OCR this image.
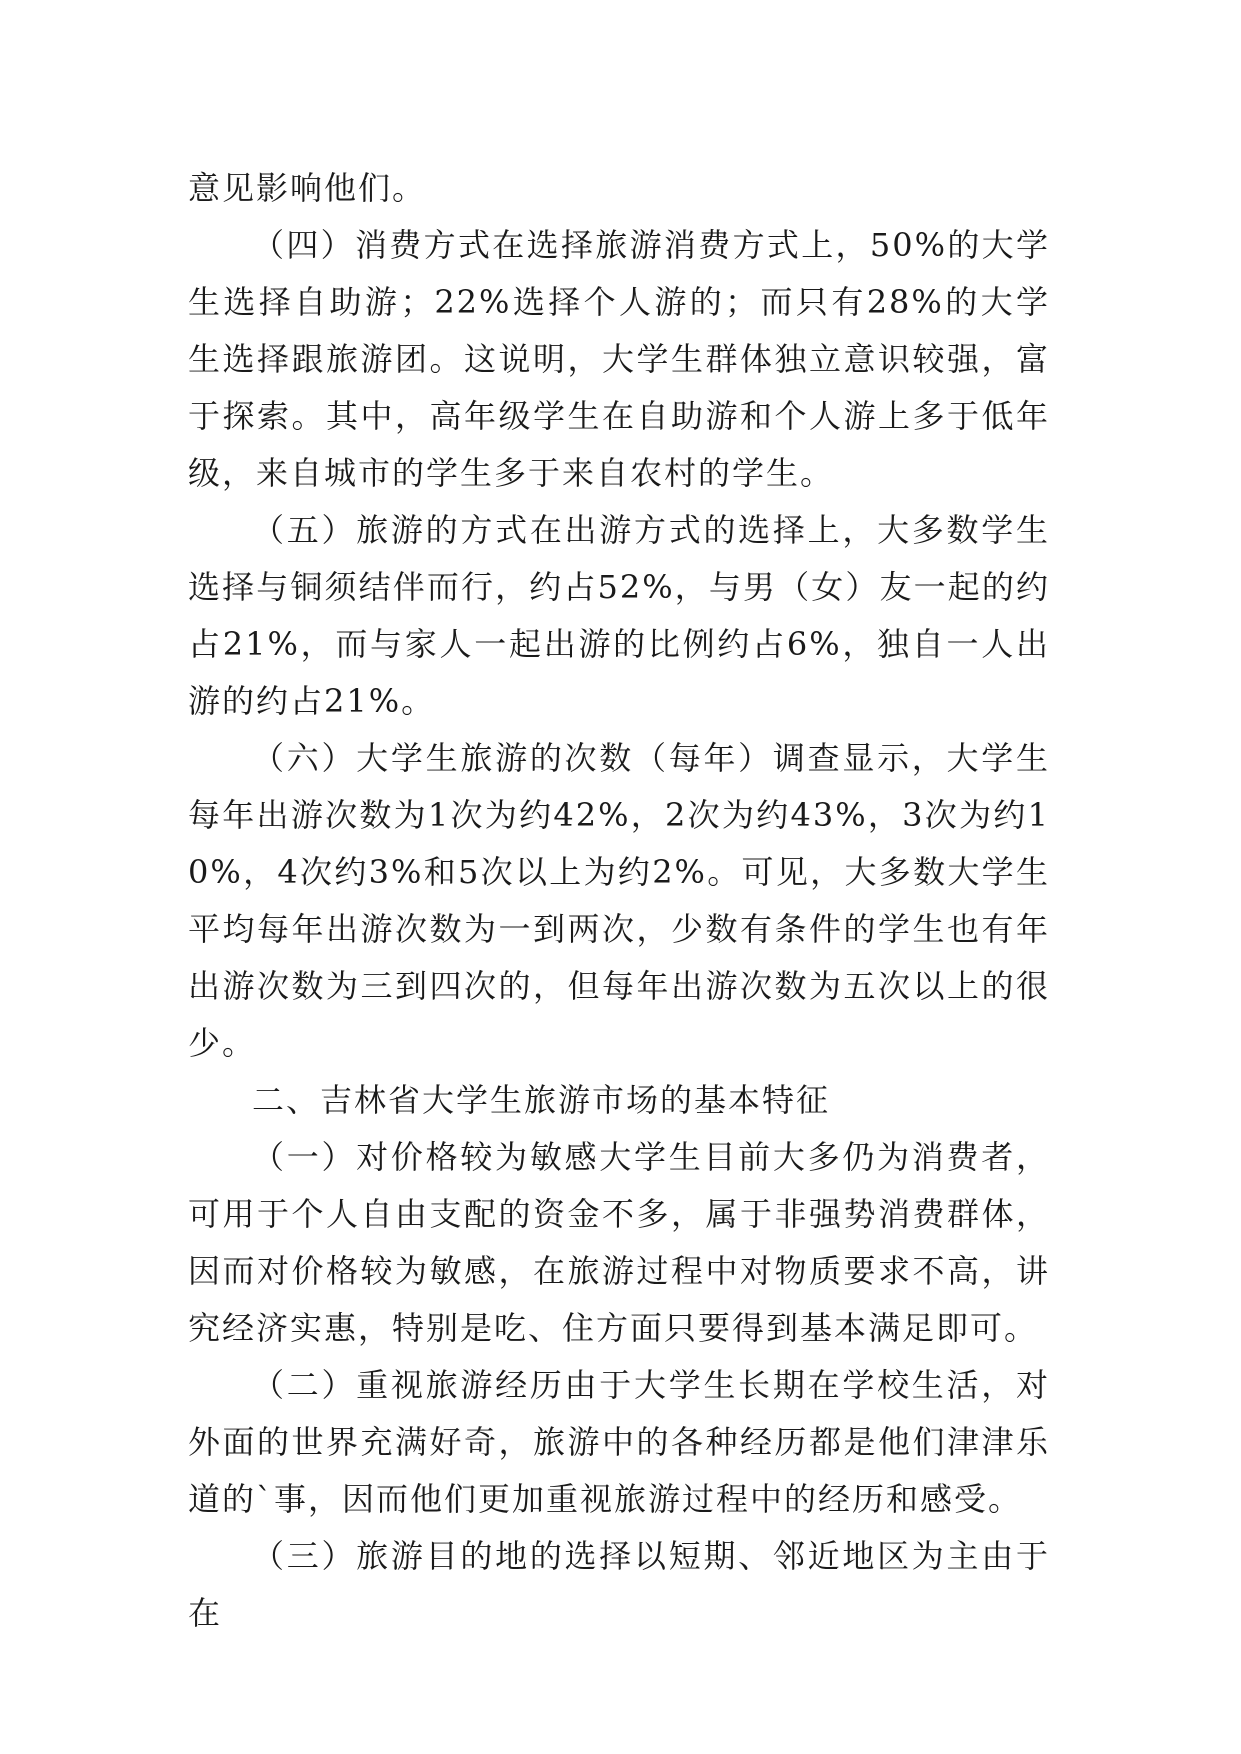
意见影响他们。

（四）消费方式在选择旅游消费方式上，50%的大学生选择自助游；22%选择个人游的；而只有28%的大学生选择跟旅游团。这说明，大学生群体独立意识较强，富于探索。其中，高年级学生在自助游和个人游上多于低年级，来自城市的学生多于来自农村的学生。

（五）旅游的方式在出游方式的选择上，大多数学生选择与铜须结伴而行，约占52%，与男（女）友一起的约占21%，而与家人一起出游的比例约占6%，独自一人出游的约占21%。

（六）大学生旅游的次数（每年）调查显示，大学生每年出游次数为1次为约42%，2次为约43%，3次为约10%，4次约3%和5次以上为约2%。可见，大多数大学生平均每年出游次数为一到两次，少数有条件的学生也有年出游次数为三到四次的，但每年出游次数为五次以上的很少。

二、吉林省大学生旅游市场的基本特征

（一）对价格较为敏感大学生目前大多仍为消费者，可用于个人自由支配的资金不多，属于非强势消费群体，因而对价格较为敏感，在旅游过程中对物质要求不高，讲究经济实惠，特别是吃、住方面只要得到基本满足即可。

（二）重视旅游经历由于大学生长期在学校生活，对外面的世界充满好奇，旅游中的各种经历都是他们津津乐道的`事，因而他们更加重视旅游过程中的经历和感受。

（三）旅游目的地的选择以短期、邻近地区为主由于在
